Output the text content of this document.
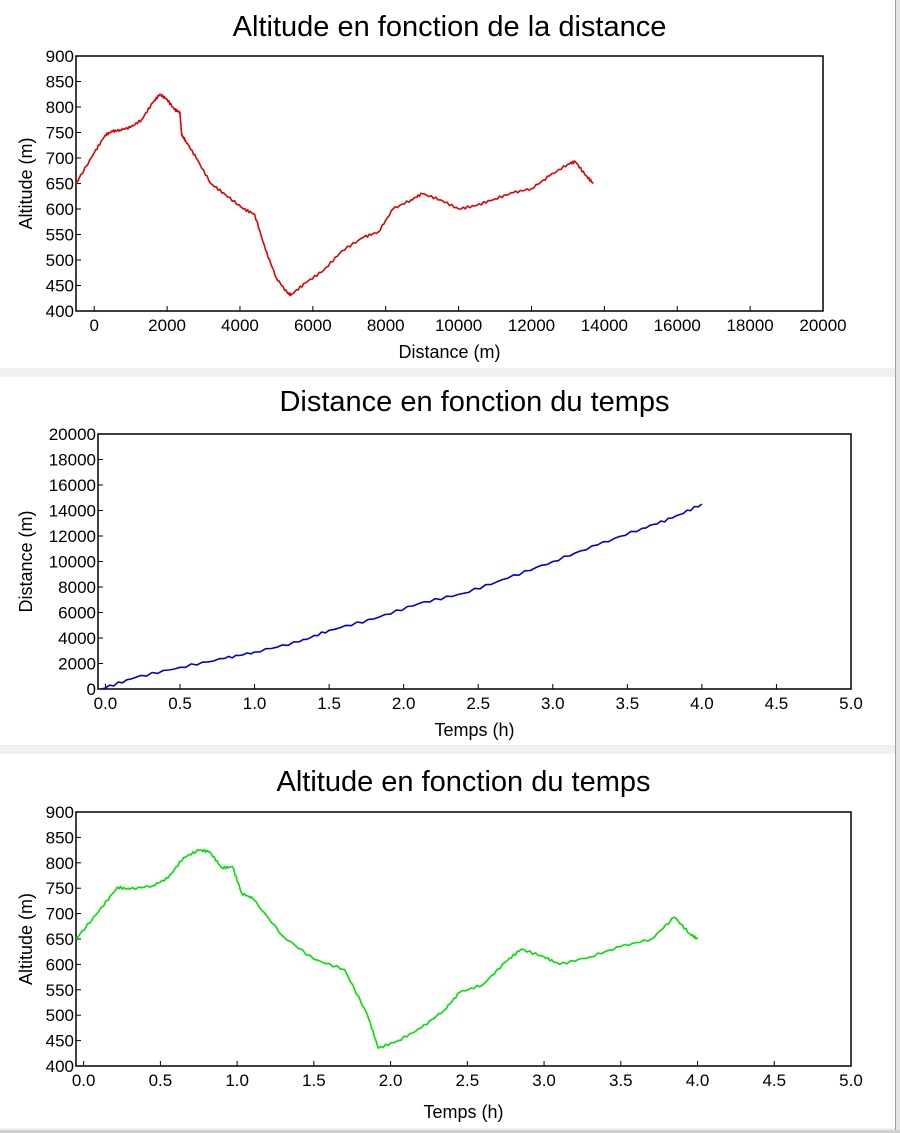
Altitude en fonction de la distance
0	2000 4000 6000 8000 10000 12000 14000 16000 18000 20000
400
450
500
550
600
650
700
750
800
850
900
Distance (m)
Altitude (m)
Distance en fonction du temps
0.0	0.5	1.0	1.5	2.0	2.5	3.0	3.5	4.0	4.5	5.0
0
2000
4000
6000
8000
10000
12000
14000
16000
18000
20000
Temps (h)
Distance (m)
Altitude en fonction du temps
0.0	0.5	1.0	1.5	2.0	2.5	3.0	3.5	4.0	4.5	5.0
400
450
500
550
600
650
700
750
800
850
900
Temps (h)
Altitude (m)
